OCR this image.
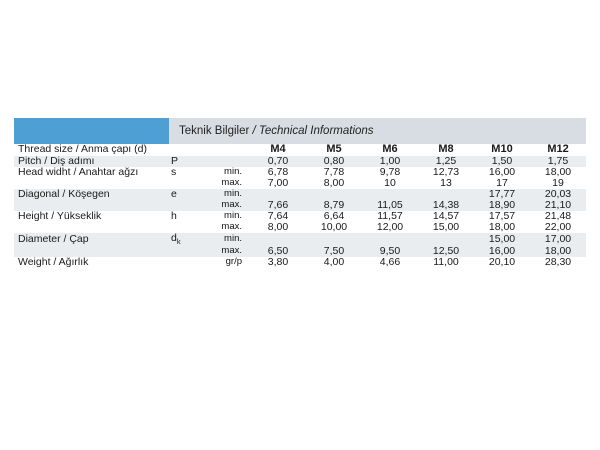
	Teknik Bilgiler / Technical Informations							
Thread size / Anma çapı (d)			M4	M5	M6	M8	M10	M12
Pitch / Diş adımı	P		0,70	0,80	1,00	1,25	1,50	1,75
Head widht / Anahtar ağzı	s	min.	6,78	7,78	9,78	12,73	16,00	18,00
		max.	7,00	8,00	10	13	17	19
Diagonal / Köşegen	e	min.					17,77	20,03
		max.	7,66	8,79	11,05	14,38	18,90	21,10
Height / Yükseklik	h	min.	7,64	6,64	11,57	14,57	17,57	21,48
		max.	8,00	10,00	12,00	15,00	18,00	22,00
Diameter / Çap	$d_k$	min.					15,00	17,00
		max.	6,50	7,50	9,50	12,50	16,00	18,00
Weight / Ağırlık		gr/p	3,80	4,00	4,66	11,00	20,10	28,30
